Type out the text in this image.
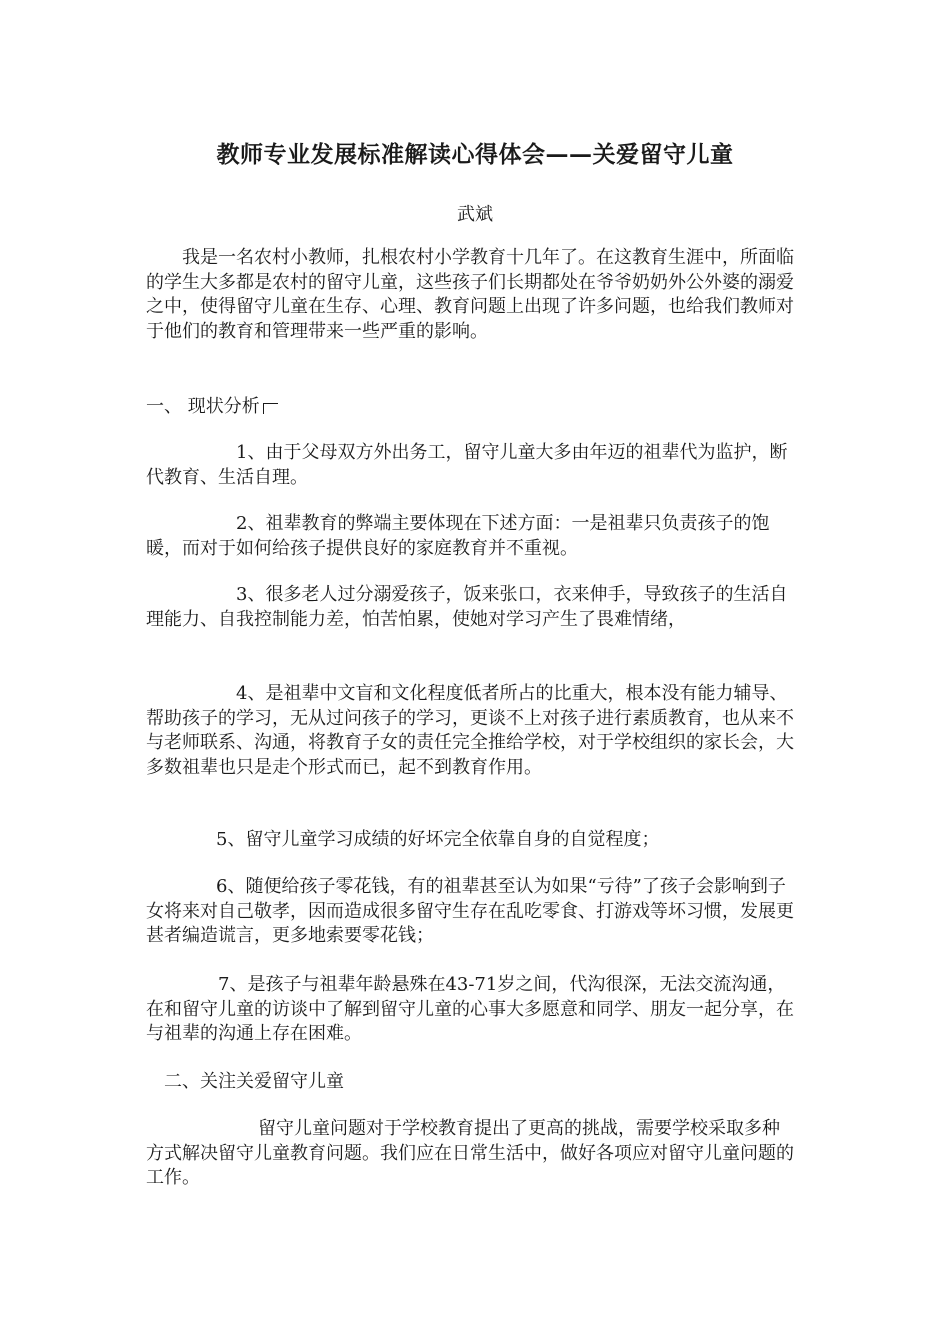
教师专业发展标准解读心得体会——关爱留守儿童
武斌

我是一名农村小教师，扎根农村小学教育十几年了。在这教育生涯中，所面临的学生大多都是农村的留守儿童，这些孩子们长期都处在爷爷奶奶外公外婆的溺爱之中，使得留守儿童在生存、心理、教育问题上出现了许多问题，也给我们教师对于他们的教育和管理带来一些严重的影响。

一、 现状分析

1、由于父母双方外出务工，留守儿童大多由年迈的祖辈代为监护，断代教育、生活自理。

2、祖辈教育的弊端主要体现在下述方面：一是祖辈只负责孩子的饱暖，而对于如何给孩子提供良好的家庭教育并不重视。

3、很多老人过分溺爱孩子，饭来张口，衣来伸手，导致孩子的生活自理能力、自我控制能力差，怕苦怕累，使她对学习产生了畏难情绪，

4、是祖辈中文盲和文化程度低者所占的比重大，根本没有能力辅导、帮助孩子的学习，无从过问孩子的学习，更谈不上对孩子进行素质教育，也从来不与老师联系、沟通，将教育子女的责任完全推给学校，对于学校组织的家长会，大多数祖辈也只是走个形式而已，起不到教育作用。

5、留守儿童学习成绩的好坏完全依靠自身的自觉程度；

6、随便给孩子零花钱，有的祖辈甚至认为如果“亏待”了孩子会影响到子女将来对自己敬孝，因而造成很多留守生存在乱吃零食、打游戏等坏习惯，发展更甚者编造谎言，更多地索要零花钱；

7、是孩子与祖辈年龄悬殊在43-71岁之间，代沟很深，无法交流沟通，在和留守儿童的访谈中了解到留守儿童的心事大多愿意和同学、朋友一起分享，在与祖辈的沟通上存在困难。

二、关注关爱留守儿童

留守儿童问题对于学校教育提出了更高的挑战，需要学校采取多种方式解决留守儿童教育问题。我们应在日常生活中，做好各项应对留守儿童问题的工作。
